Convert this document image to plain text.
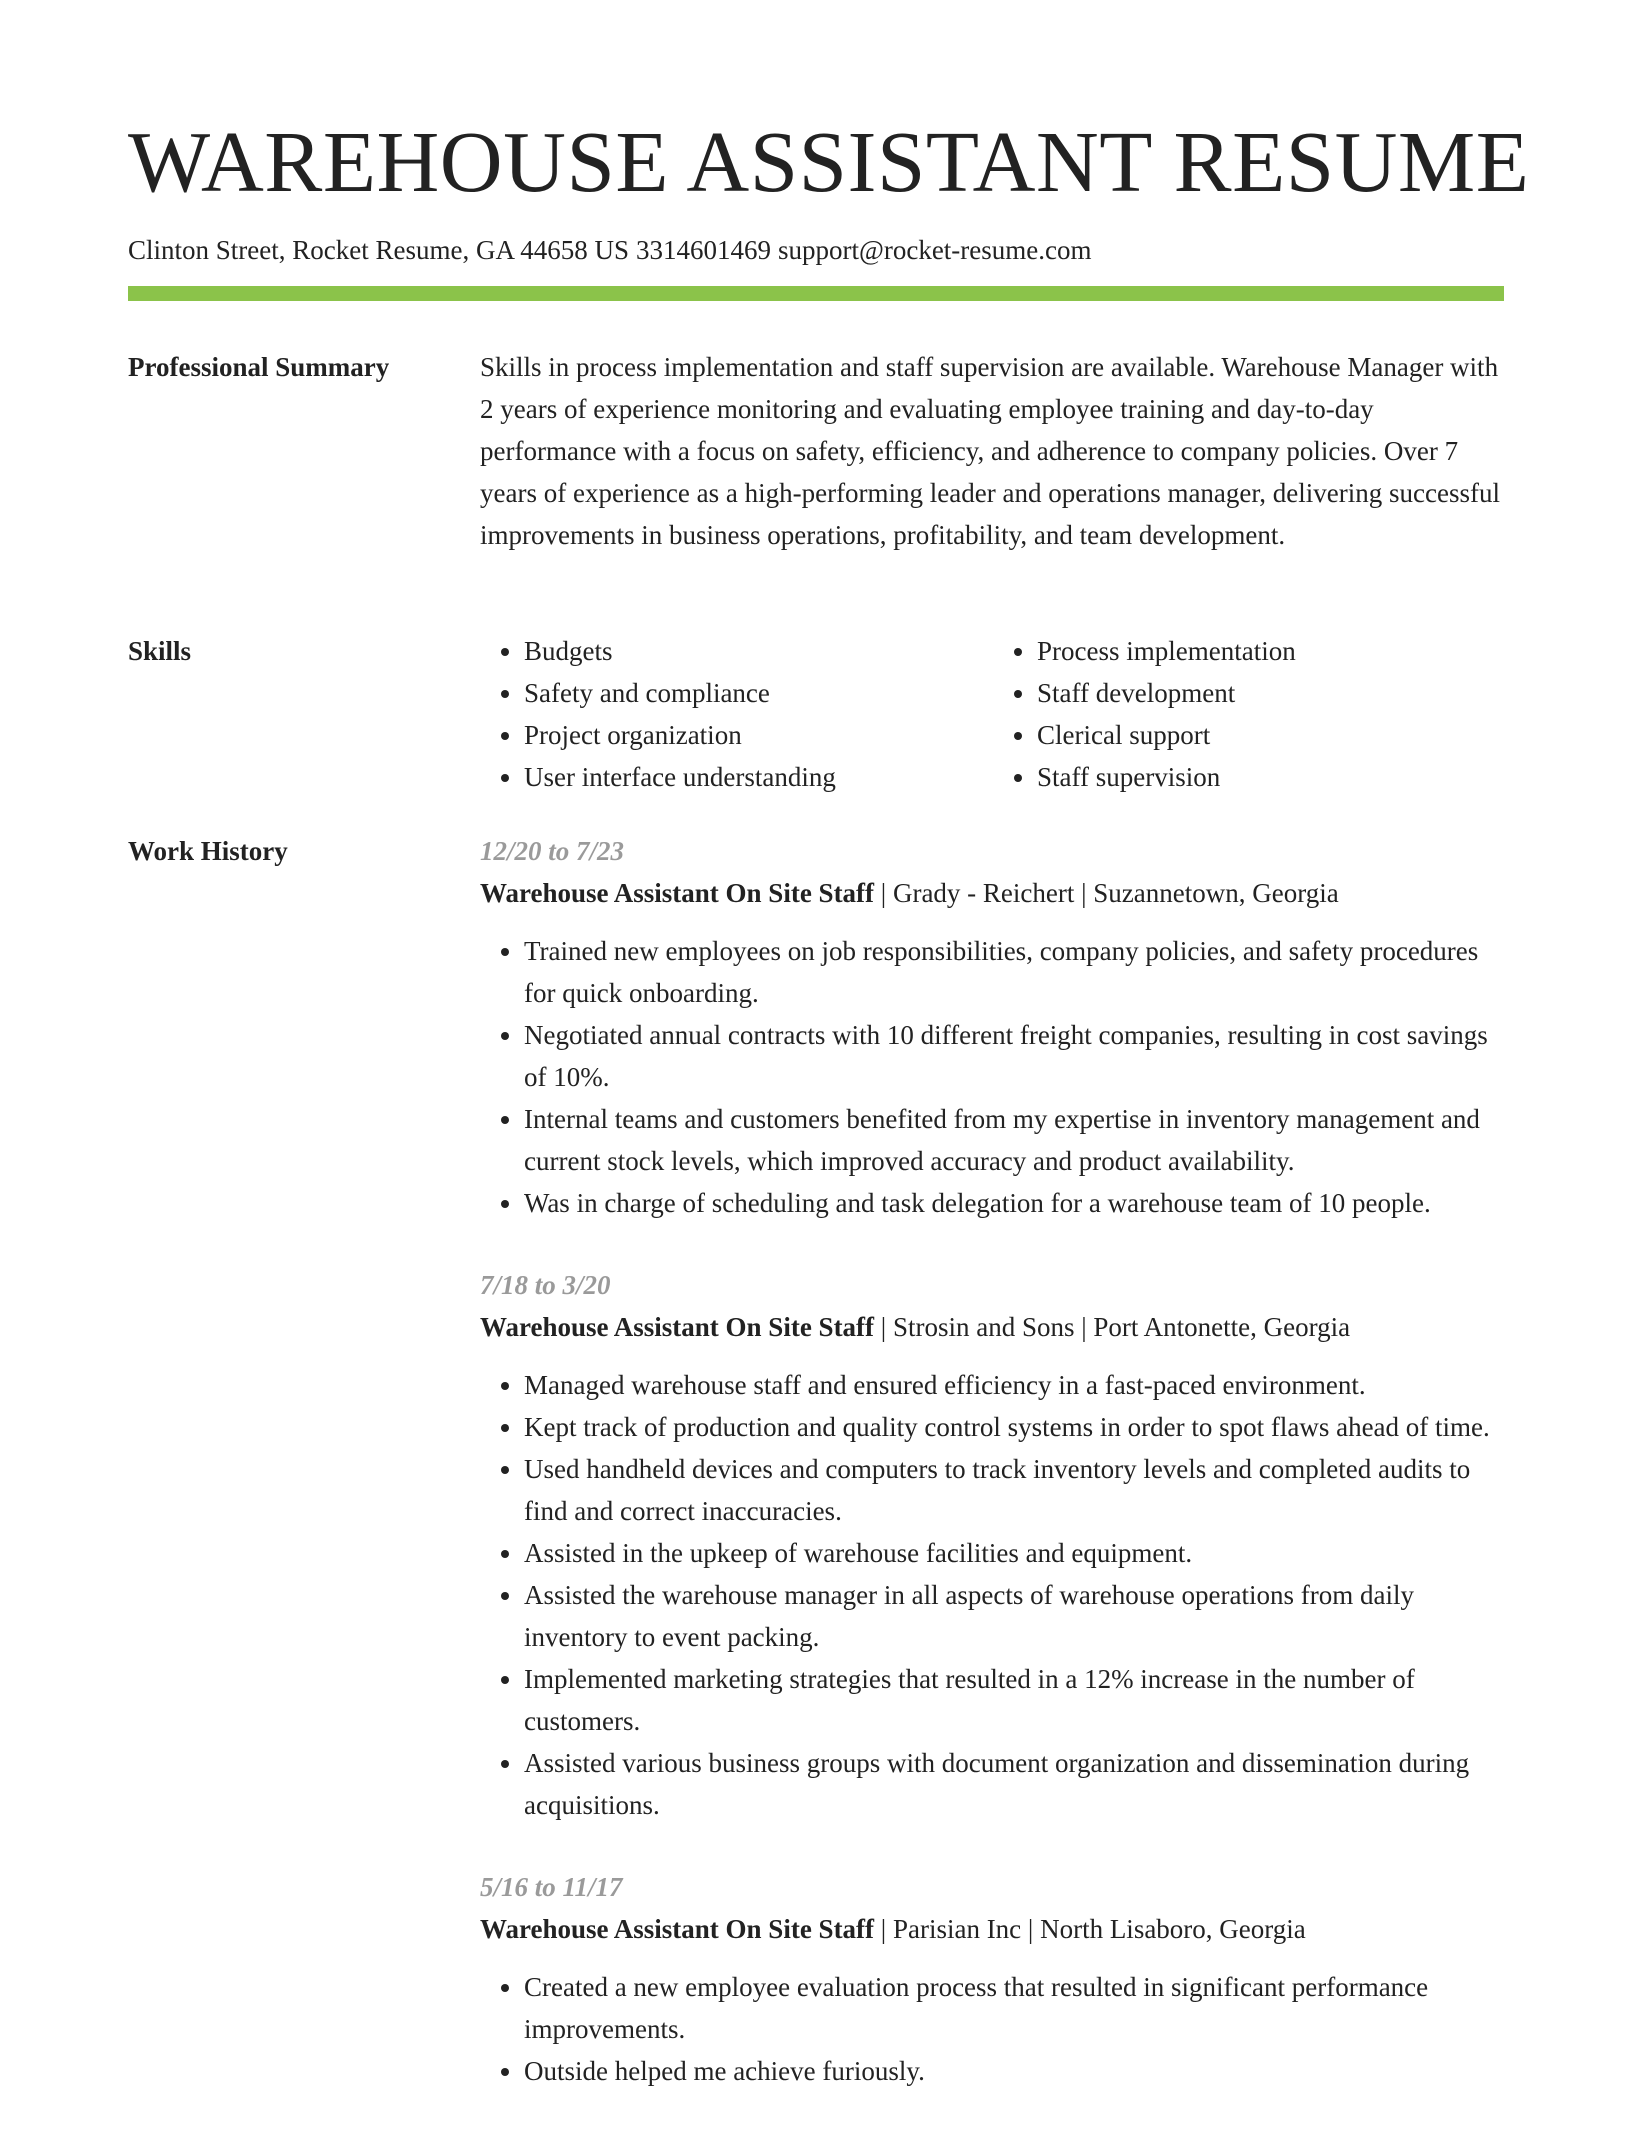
WAREHOUSE ASSISTANT RESUME
Clinton Street, Rocket Resume, GA 44658 US 3314601469 support@rocket-resume.com
Professional Summary	Skills in process implementation and staff supervision are available. Warehouse Manager with 2 years of experience monitoring and evaluating employee training and day-to-day performance with a focus on safety, efficiency, and adherence to company policies. Over 7 years of experience as a high-performing leader and operations manager, delivering successful improvements in business operations, profitability, and team development.

Skills
•	Budgets
• Safety and compliance
• Project organization
• User interface understanding
• Process implementation
• Staff development
• Clerical support
• Staff supervision
Work History	12/20 to 7/23
Warehouse Assistant On Site Staff | Grady - Reichert | Suzannetown, Georgia
• Trained new employees on job responsibilities, company policies, and safety procedures for quick onboarding.
• Negotiated annual contracts with 10 different freight companies, resulting in cost savings of 10%.
• Internal teams and customers benefited from my expertise in inventory management and current stock levels, which improved accuracy and product availability.
• Was in charge of scheduling and task delegation for a warehouse team of 10 people.
7/18 to 3/20
Warehouse Assistant On Site Staff | Strosin and Sons | Port Antonette, Georgia
• Managed warehouse staff and ensured efficiency in a fast-paced environment.
• Kept track of production and quality control systems in order to spot flaws ahead of time.
• Used handheld devices and computers to track inventory levels and completed audits to find and correct inaccuracies.
• Assisted in the upkeep of warehouse facilities and equipment.
• Assisted the warehouse manager in all aspects of warehouse operations from daily inventory to event packing.
• Implemented marketing strategies that resulted in a 12% increase in the number of customers.
• Assisted various business groups with document organization and dissemination during acquisitions.
5/16 to 11/17
Warehouse Assistant On Site Staff | Parisian Inc | North Lisaboro, Georgia
• Created a new employee evaluation process that resulted in significant performance improvements.
• Outside helped me achieve furiously.
